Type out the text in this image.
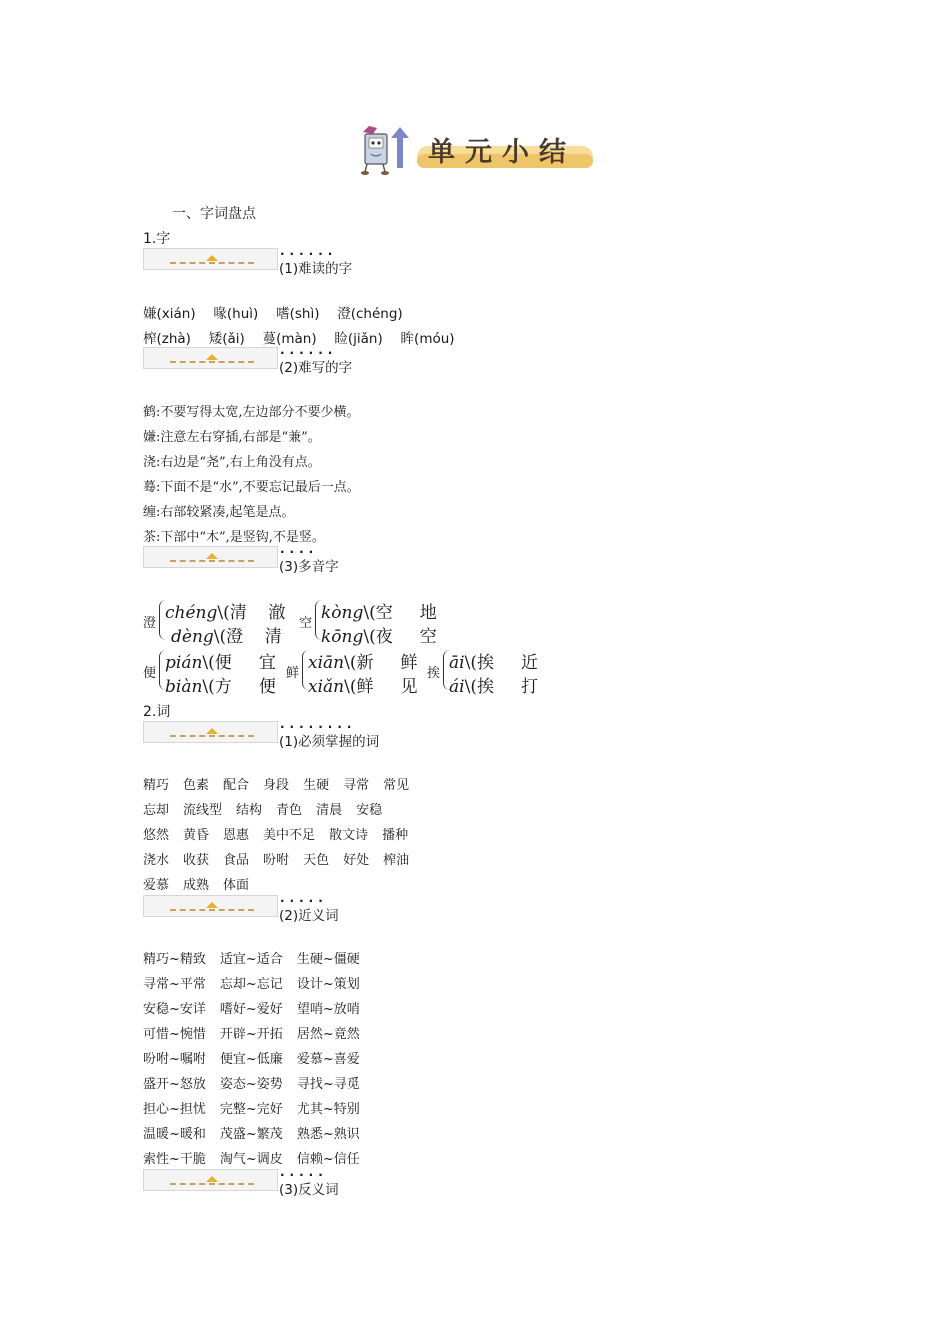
单元小结
一、字词盘点
1.字
......
(1)难读的字
嫌(xián)　 喙(huì)　 嗜(shì)　 澄(chéng)
榨(zhà)　 矮(ǎi)　 蔓(màn)　 睑(jiǎn)　 眸(móu)
......
(2)难写的字
鹤:不要写得太宽,左边部分不要少横。
嫌:注意左右穿插,右部是“兼”。
浇:右边是“尧”,右上角没有点。
蓦:下面不是“水”,不要忘记最后一点。
缠:右部较紧凑,起笔是点。
茶:下部中“木”,是竖钩,不是竖。
....
(3)多音字
澄
chéng\(清 澈
dèng\(澄 清
空
kòng\(空 地
kōng\(夜 空
便
pián\(便 宜
biàn\(方 便
鲜
xiān\(新 鲜
xiǎn\(鲜 见
挨
āi\(挨 近
ái\(挨 打
2.词
........
(1)必须掌握的词
精巧 色素 配合 身段 生硬 寻常 常见
忘却 流线型 结构 青色 清晨 安稳
悠然 黄昏 恩惠 美中不足 散文诗 播种
浇水 收获 食品 吩咐 天色 好处 榨油
爱慕 成熟 体面
.....
(2)近义词
精巧~精致 适宜~适合 生硬~僵硬
寻常~平常 忘却~忘记 设计~策划
安稳~安详 嗜好~爱好 望哨~放哨
可惜~惋惜 开辟~开拓 居然~竟然
吩咐~嘱咐 便宜~低廉 爱慕~喜爱
盛开~怒放 姿态~姿势 寻找~寻觅
担心~担忧 完整~完好 尤其~特别
温暖~暖和 茂盛~繁茂 熟悉~熟识
索性~干脆 淘气~调皮 信赖~信任
.....
(3)反义词
